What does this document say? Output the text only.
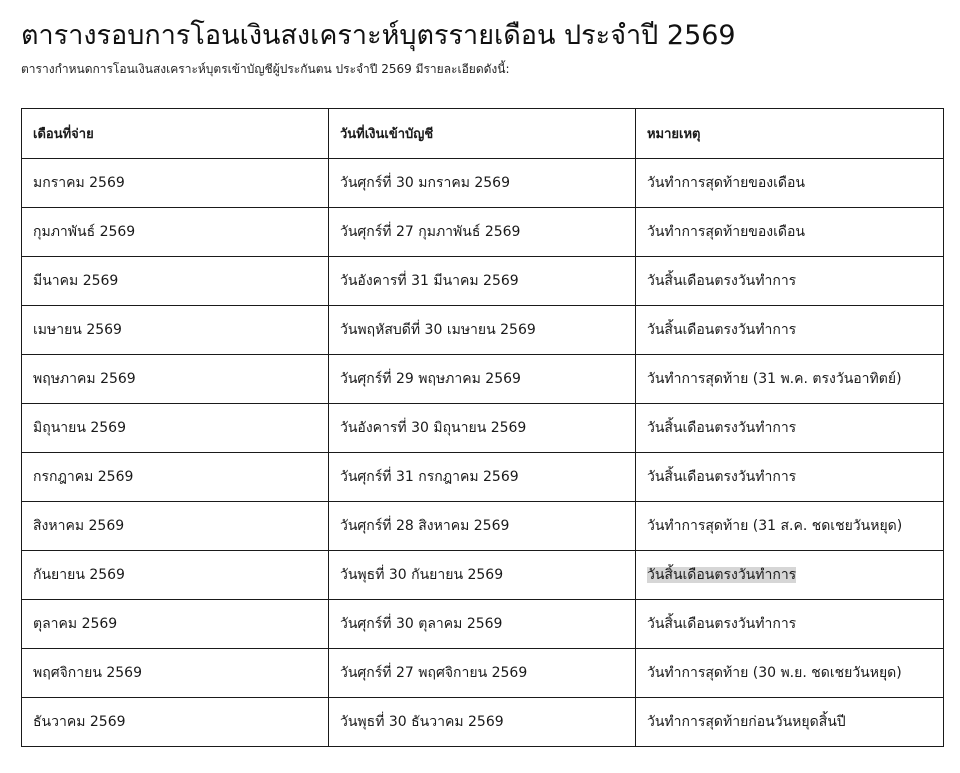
ตารางรอบการโอนเงินสงเคราะห์บุตรรายเดือน ประจำปี 2569

ตารางกำหนดการโอนเงินสงเคราะห์บุตรเข้าบัญชีผู้ประกันตน ประจำปี 2569 มีรายละเอียดดังนี้:

เดือนที่จ่าย	วันที่เงินเข้าบัญชี	หมายเหตุ
มกราคม 2569	วันศุกร์ที่ 30 มกราคม 2569	วันทำการสุดท้ายของเดือน
กุมภาพันธ์ 2569	วันศุกร์ที่ 27 กุมภาพันธ์ 2569	วันทำการสุดท้ายของเดือน
มีนาคม 2569	วันอังคารที่ 31 มีนาคม 2569	วันสิ้นเดือนตรงวันทำการ
เมษายน 2569	วันพฤหัสบดีที่ 30 เมษายน 2569	วันสิ้นเดือนตรงวันทำการ
พฤษภาคม 2569	วันศุกร์ที่ 29 พฤษภาคม 2569	วันทำการสุดท้าย (31 พ.ค. ตรงวันอาทิตย์)
มิถุนายน 2569	วันอังคารที่ 30 มิถุนายน 2569	วันสิ้นเดือนตรงวันทำการ
กรกฎาคม 2569	วันศุกร์ที่ 31 กรกฎาคม 2569	วันสิ้นเดือนตรงวันทำการ
สิงหาคม 2569	วันศุกร์ที่ 28 สิงหาคม 2569	วันทำการสุดท้าย (31 ส.ค. ชดเชยวันหยุด)
กันยายน 2569	วันพุธที่ 30 กันยายน 2569	วันสิ้นเดือนตรงวันทำการ
ตุลาคม 2569	วันศุกร์ที่ 30 ตุลาคม 2569	วันสิ้นเดือนตรงวันทำการ
พฤศจิกายน 2569	วันศุกร์ที่ 27 พฤศจิกายน 2569	วันทำการสุดท้าย (30 พ.ย. ชดเชยวันหยุด)
ธันวาคม 2569	วันพุธที่ 30 ธันวาคม 2569	วันทำการสุดท้ายก่อนวันหยุดสิ้นปี
